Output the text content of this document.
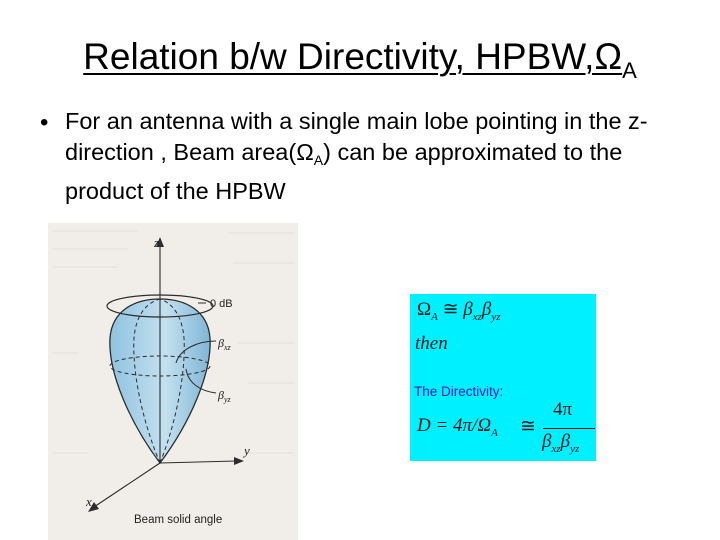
Relation b/w Directivity, $HPBW,\Omega_A$
• For an antenna with a single main lobe pointing in the z-direction , Beam $area(\Omega_A)$ can be approximated to the product of the HPBW
z
y
x
0 dB
$\beta_{xz}$
$\beta_{yz}$
Beam solid angle
$\Omega_A$ ≅ $\beta_{xz}\beta_{yz}$
then
The Directivity:
$D = 4\pi/\Omega_A$ ≅
4π
$\beta_{xz}\beta_{yz}$
